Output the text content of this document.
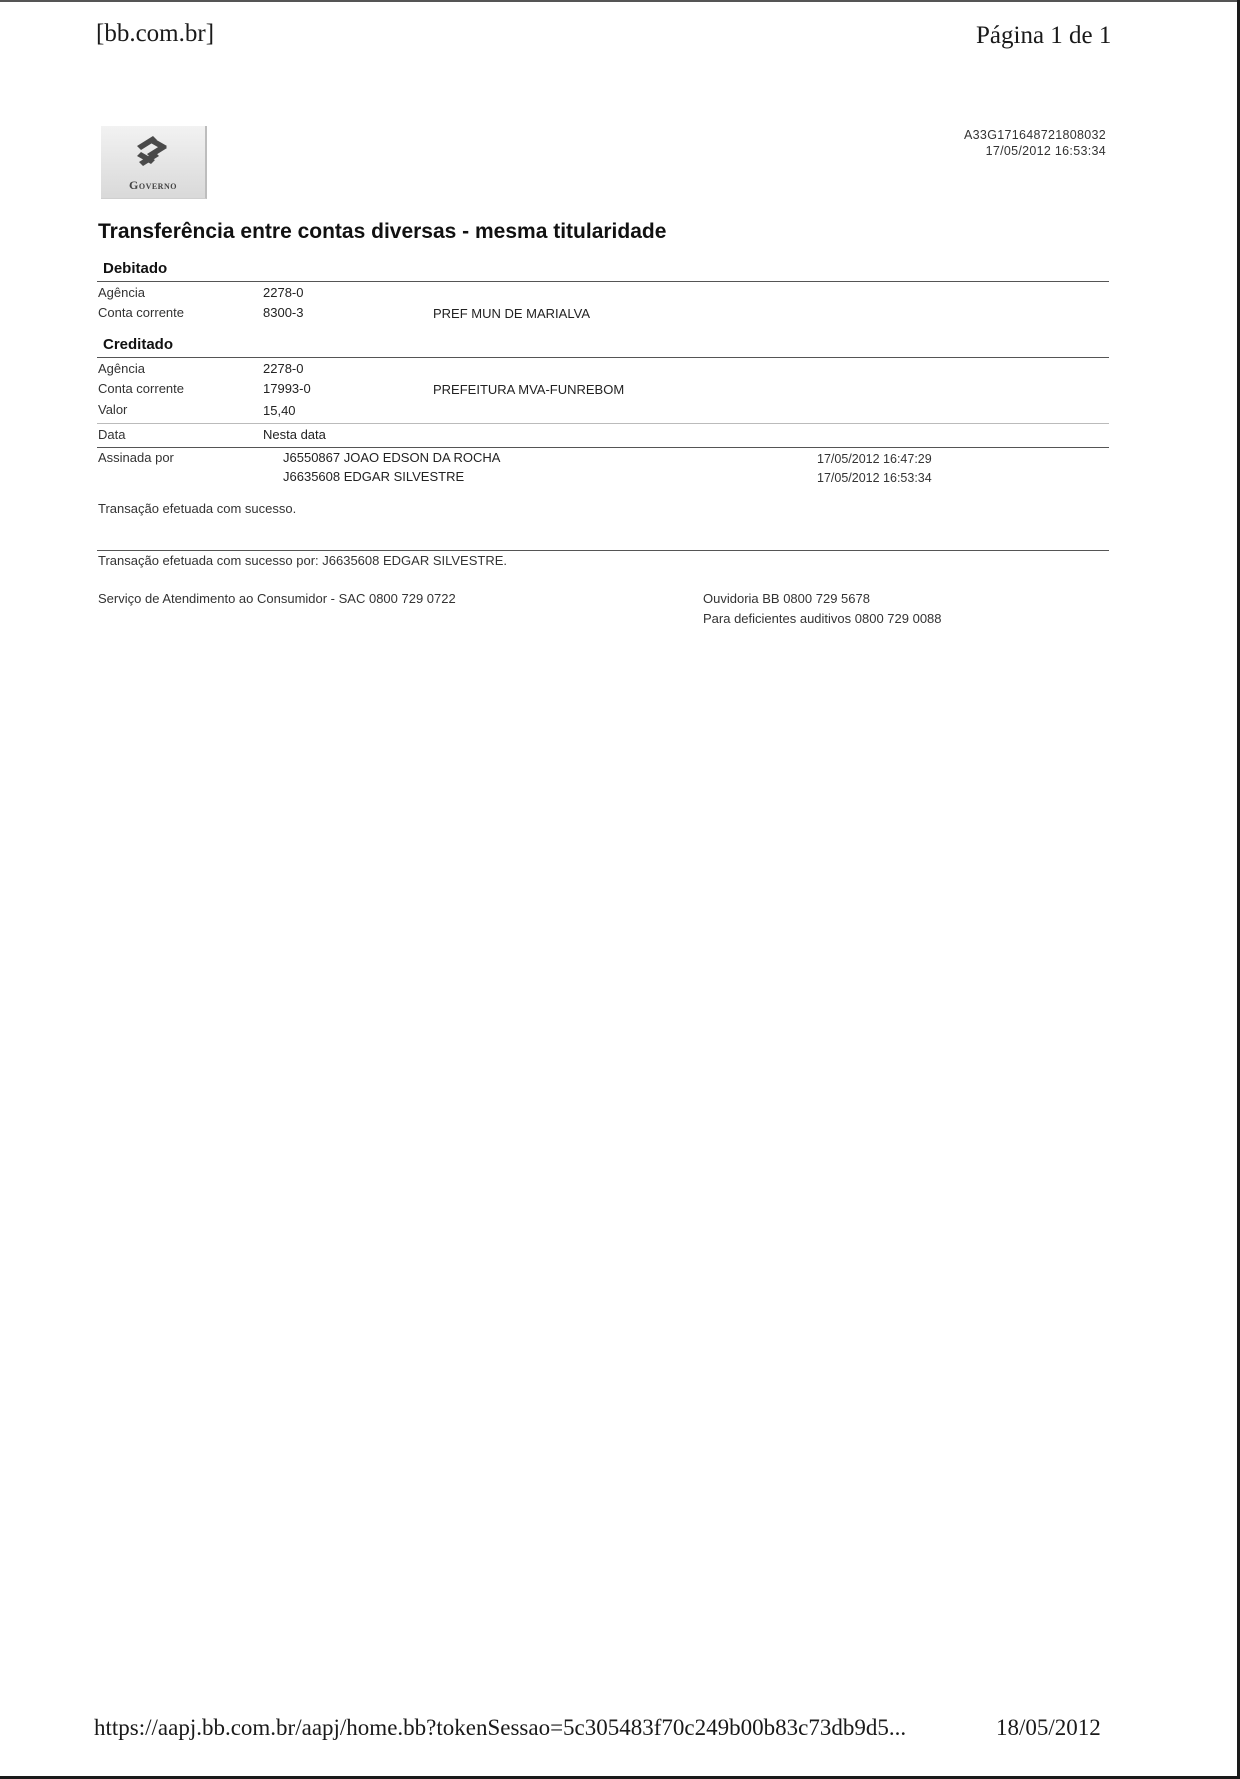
[bb.com.br]	Página 1 de 1
Governo
A33G171648721808032
17/05/2012 16:53:34
Transferência entre contas diversas - mesma titularidade
Debitado
Agência	2278-0
Conta corrente	8300-3	PREF MUN DE MARIALVA
Creditado
Agência	2278-0
Conta corrente	17993-0	PREFEITURA MVA-FUNREBOM
Valor	15,40
Data	Nesta data
Assinada por	J6550867 JOAO EDSON DA ROCHA	17/05/2012 16:47:29
J6635608 EDGAR SILVESTRE	17/05/2012 16:53:34
Transação efetuada com sucesso.
Transação efetuada com sucesso por: J6635608 EDGAR SILVESTRE.
Serviço de Atendimento ao Consumidor - SAC 0800 729 0722	Ouvidoria BB 0800 729 5678
Para deficientes auditivos 0800 729 0088
https://aapj.bb.com.br/aapj/home.bb?tokenSessao=5c305483f70c249b00b83c73db9d5...	18/05/2012
